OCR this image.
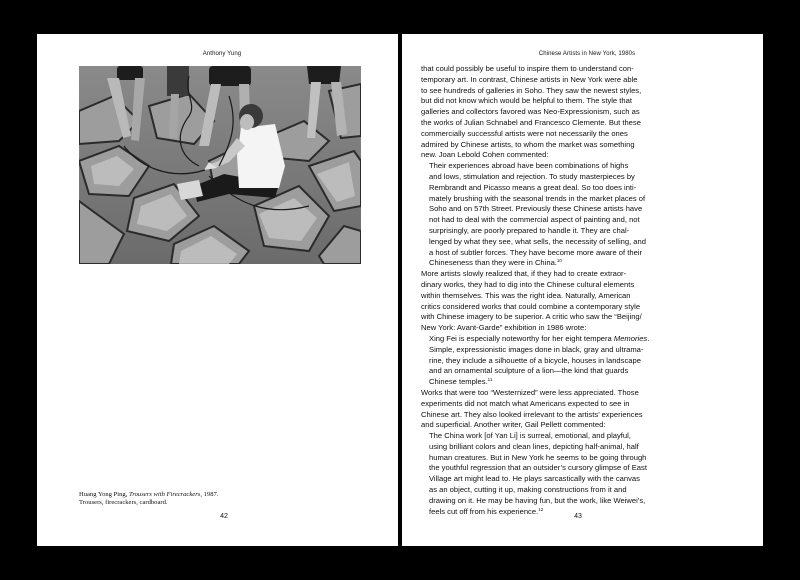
Anthony Yung
Huang Yong Ping, Trousers with Firecrackers, 1987.
Trousers, firecrackers, cardboard.
42
Chinese Artists in New York, 1980s

that could possibly be useful to inspire them to understand con-

temporary art. In contrast, Chinese artists in New York were able

to see hundreds of galleries in Soho. They saw the newest styles,

but did not know which would be helpful to them. The style that

galleries and collectors favored was Neo-Expressionism, such as

the works of Julian Schnabel and Francesco Clemente. But these

commercially successful artists were not necessarily the ones

admired by Chinese artists, to whom the market was something

new. Joan Lebold Cohen commented:

Their experiences abroad have been combinations of highs

and lows, stimulation and rejection. To study masterpieces by

Rembrandt and Picasso means a great deal. So too does inti-

mately brushing with the seasonal trends in the market places of

Soho and on 57th Street. Previously these Chinese artists have

not had to deal with the commercial aspect of painting and, not

surprisingly, are poorly prepared to handle it. They are chal-

lenged by what they see, what sells, the necessity of selling, and

a host of subtler forces. They have become more aware of their

Chineseness than they were in China.$^{10}$

More artists slowly realized that, if they had to create extraor-

dinary works, they had to dig into the Chinese cultural elements

within themselves. This was the right idea. Naturally, American

critics considered works that could combine a contemporary style

with Chinese imagery to be superior. A critic who saw the “Beijing/

New York: Avant-Garde” exhibition in 1986 wrote:

Xing Fei is especially noteworthy for her eight tempera Memories.

Simple, expressionistic images done in black, gray and ultrama-

rine, they include a silhouette of a bicycle, houses in landscape

and an ornamental sculpture of a lion—the kind that guards

Chinese temples.$^{11}$

Works that were too “Westernized” were less appreciated. Those

experiments did not match what Americans expected to see in

Chinese art. They also looked irrelevant to the artists’ experiences

and superficial. Another writer, Gail Pellett commented:

The China work [of Yan Li] is surreal, emotional, and playful,

using brilliant colors and clean lines, depicting half-animal, half

human creatures. But in New York he seems to be going through

the youthful regression that an outsider’s cursory glimpse of East

Village art might lead to. He plays sarcastically with the canvas

as an object, cutting it up, making constructions from it and

drawing on it. He may be having fun, but the work, like Weiwei’s,

feels cut off from his experience.$^{12}$

43
